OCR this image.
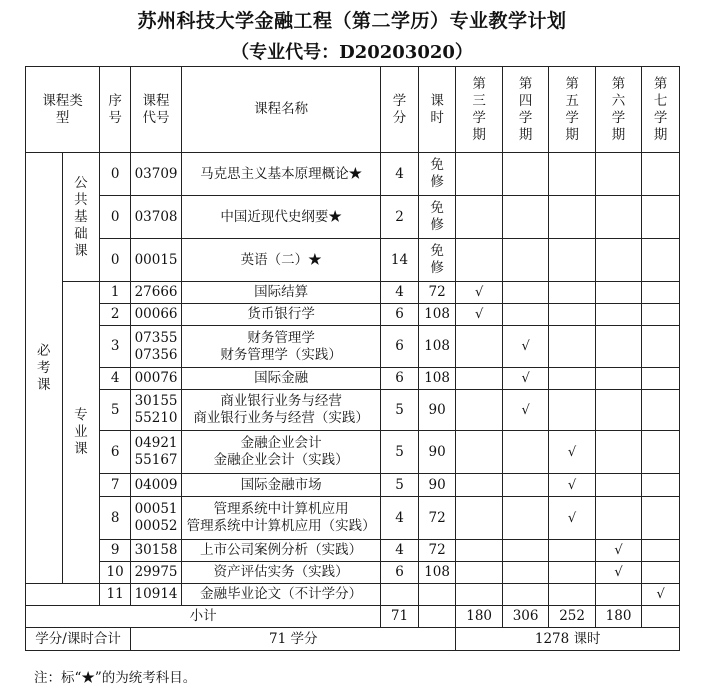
苏州科技大学金融工程（第二学历）专业教学计划
（专业代号：D20203020）
课程类型		序号	课程代号	课程名称	学分	课时	第三学期	第四学期	第五学期	第六学期	第七学期
必考课	公共基础课	0	03709	马克思主义基本原理概论★	4	免修					
		0	03708	中国近现代史纲要★	2	免修					
		0	00015	英语（二）★	14	免修					
	专业课	1	27666	国际结算	4	72	√				
		2	00066	货币银行学	6	108	√				
		3	07355
07356	财务管理学
财务管理学（实践）	6	108		√			
		4	00076	国际金融	6	108		√			
		5	30155
55210	商业银行业务与经营
商业银行业务与经营（实践）	5	90		√			
		6	04921
55167	金融企业会计
金融企业会计（实践）	5	90			√		
		7	04009	国际金融市场	5	90			√		
		8	00051
00052	管理系统中计算机应用
管理系统中计算机应用（实践）	4	72			√		
		9	30158	上市公司案例分析（实践）	4	72				√	
		10	29975	资产评估实务（实践）	6	108				√	
		11	10914	金融毕业论文（不计学分）							√
小计					71		180	306	252	180	
学分/课时合计			71 学分				1278 课时				
注：标“★”的为统考科目。
